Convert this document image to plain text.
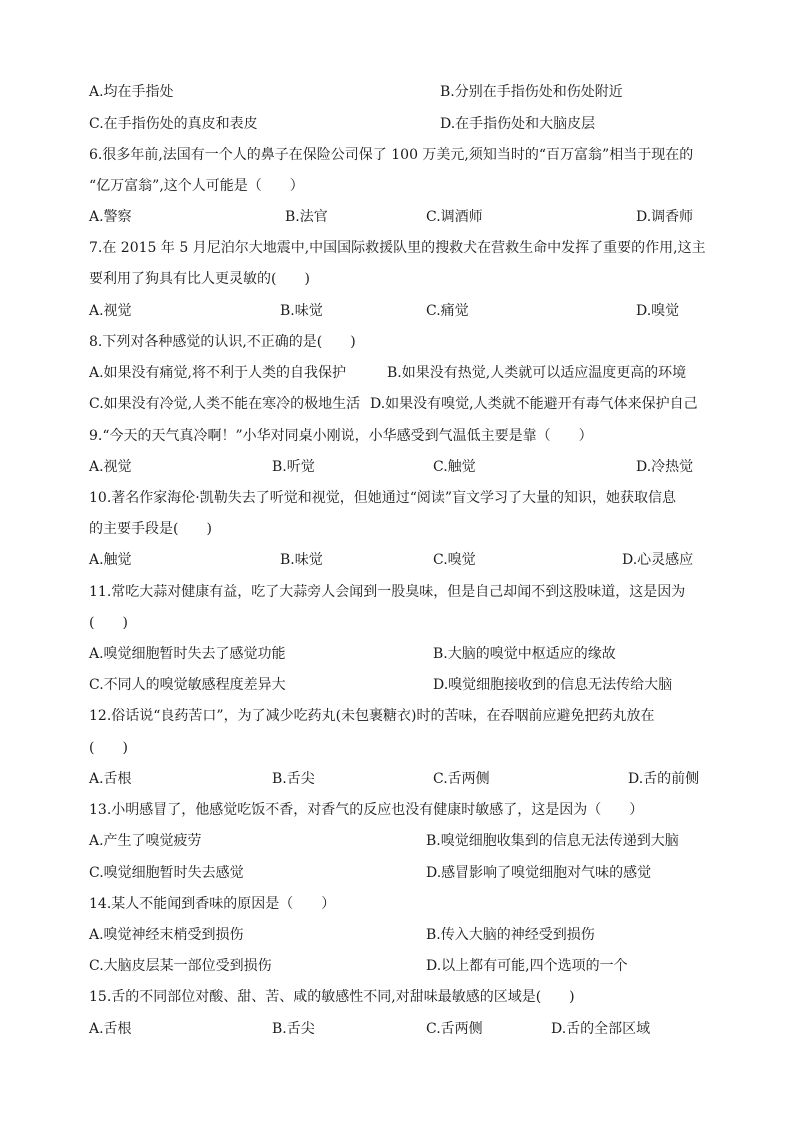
A.均在手指处	B.分别在手指伤处和伤处附近
C.在手指伤处的真皮和表皮	D.在手指伤处和大脑皮层
6.很多年前,法国有一个人的鼻子在保险公司保了 100 万美元,须知当时的“百万富翁”相当于现在的
“亿万富翁”,这个人可能是（　　）
A.警察	B.法官	C.调酒师	D.调香师
7.在 2015 年 5 月尼泊尔大地震中,中国国际救援队里的搜救犬在营救生命中发挥了重要的作用,这主
要利用了狗具有比人更灵敏的(　　)
A.视觉	B.味觉	C.痛觉	D.嗅觉
8.下列对各种感觉的认识,不正确的是(　　)
A.如果没有痛觉,将不利于人类的自我保护	B.如果没有热觉,人类就可以适应温度更高的环境
C.如果没有冷觉,人类不能在寒冷的极地生活 D.如果没有嗅觉,人类就不能避开有毒气体来保护自己
9.“今天的天气真冷啊！”小华对同桌小刚说，小华感受到气温低主要是靠（　　）
A.视觉	B.听觉	C.触觉	D.冷热觉
10.著名作家海伦·凯勒失去了听觉和视觉，但她通过“阅读”盲文学习了大量的知识，她获取信息
的主要手段是(　　)
A.触觉	B.味觉	C.嗅觉	D.心灵感应
11.常吃大蒜对健康有益，吃了大蒜旁人会闻到一股臭味，但是自己却闻不到这股味道，这是因为
(　　)
A.嗅觉细胞暂时失去了感觉功能	B.大脑的嗅觉中枢适应的缘故
C.不同人的嗅觉敏感程度差异大	D.嗅觉细胞接收到的信息无法传给大脑
12.俗话说“良药苦口”，为了减少吃药丸(未包裹糖衣)时的苦味，在吞咽前应避免把药丸放在
(　　)
A.舌根	B.舌尖	C.舌两侧	D.舌的前侧
13.小明感冒了，他感觉吃饭不香，对香气的反应也没有健康时敏感了，这是因为（　　）
A.产生了嗅觉疲劳	B.嗅觉细胞收集到的信息无法传递到大脑
C.嗅觉细胞暂时失去感觉	D.感冒影响了嗅觉细胞对气味的感觉
14.某人不能闻到香味的原因是（　　）
A.嗅觉神经末梢受到损伤	B.传入大脑的神经受到损伤
C.大脑皮层某一部位受到损伤	D.以上都有可能,四个选项的一个
15.舌的不同部位对酸、甜、苦、咸的敏感性不同,对甜味最敏感的区域是(　　)
A.舌根	B.舌尖	C.舌两侧	D.舌的全部区域
